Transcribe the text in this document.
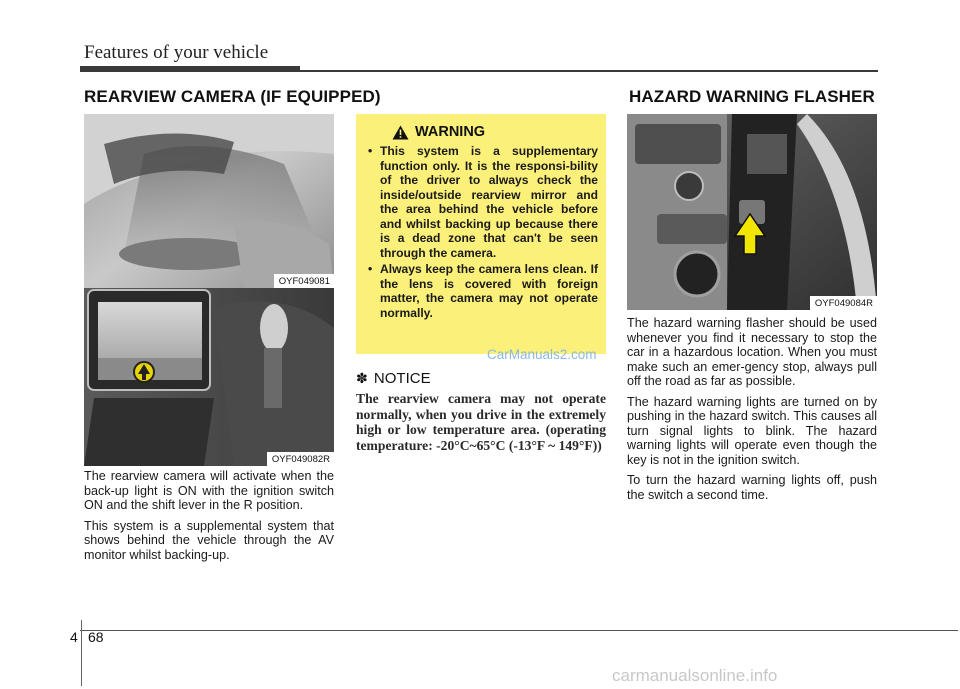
Features of your vehicle
REARVIEW CAMERA (IF EQUIPPED)	HAZARD WARNING FLASHER
OYF049081
OYF049082R

The rearview camera will activate when the back-up light is ON with the ignition switch ON and the shift lever in the R position.

This system is a supplemental system that shows behind the vehicle through the AV monitor whilst backing-up.

WARNING
• This system is a supplementary function only. It is the responsi-bility of the driver to always check the inside/outside rearview mirror and the area behind the vehicle before and whilst backing up because there is a dead zone that can't be seen through the camera.
• Always keep the camera lens clean. If the lens is covered with foreign matter, the camera may not operate normally.
CarManuals2.com
✽ NOTICE
The rearview camera may not operate normally, when you drive in the extremely high or low temperature area. (operating temperature: -20°C~65°C (-13°F ~ 149°F))
OYF049084R

The hazard warning flasher should be used whenever you find it necessary to stop the car in a hazardous location. When you must make such an emer-gency stop, always pull off the road as far as possible.

The hazard warning lights are turned on by pushing in the hazard switch. This causes all turn signal lights to blink. The hazard warning lights will operate even though the key is not in the ignition switch.

To turn the hazard warning lights off, push the switch a second time.

4 68
carmanualsonline.info
